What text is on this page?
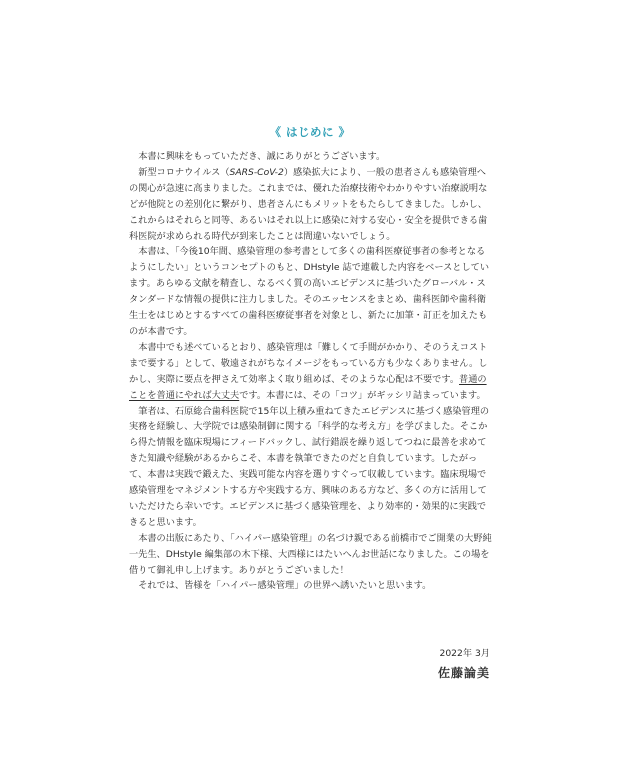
《 はじめに 》

本書に興味をもっていただき、誠にありがとうございます。

新型コロナウイルス（SARS-CoV-2）感染拡大により、一般の患者さんも感染管理への関心が急速に高まりました。これまでは、優れた治療技術やわかりやすい治療説明などが他院との差別化に繋がり、患者さんにもメリットをもたらしてきました。しかし、これからはそれらと同等、あるいはそれ以上に感染に対する安心・安全を提供できる歯科医院が求められる時代が到来したことは間違いないでしょう。

本書は、「今後10年間、感染管理の参考書として多くの歯科医療従事者の参考となるようにしたい」というコンセプトのもと、DHstyle 誌で連載した内容をベースとしています。あらゆる文献を精査し、なるべく質の高いエビデンスに基づいたグローバル・スタンダードな情報の提供に注力しました。そのエッセンスをまとめ、歯科医師や歯科衛生士をはじめとするすべての歯科医療従事者を対象とし、新たに加筆・訂正を加えたものが本書です。

本書中でも述べているとおり、感染管理は「難しくて手間がかかり、そのうえコストまで要する」として、敬遠されがちなイメージをもっている方も少なくありません。しかし、実際に要点を押さえて効率よく取り組めば、そのような心配は不要です。普通のことを普通にやれば大丈夫です。本書には、その「コツ」がギッシリ詰まっています。

筆者は、石原総合歯科医院で15年以上積み重ねてきたエビデンスに基づく感染管理の実務を経験し、大学院では感染制御に関する「科学的な考え方」を学びました。そこから得た情報を臨床現場にフィードバックし、試行錯誤を繰り返してつねに最善を求めてきた知識や経験があるからこそ、本書を執筆できたのだと自負しています。したがって、本書は実践で鍛えた、実践可能な内容を選りすぐって収載しています。臨床現場で感染管理をマネジメントする方や実践する方、興味のある方など、多くの方に活用していただけたら幸いです。エビデンスに基づく感染管理を、より効率的・効果的に実践できると思います。

本書の出版にあたり、「ハイパー感染管理」の名づけ親である前橋市でご開業の大野純一先生、DHstyle 編集部の木下様、大西様にはたいへんお世話になりました。この場を借りて御礼申し上げます。ありがとうございました！

それでは、皆様を「ハイパー感染管理」の世界へ誘いたいと思います。

2022年 3月
佐藤論美
